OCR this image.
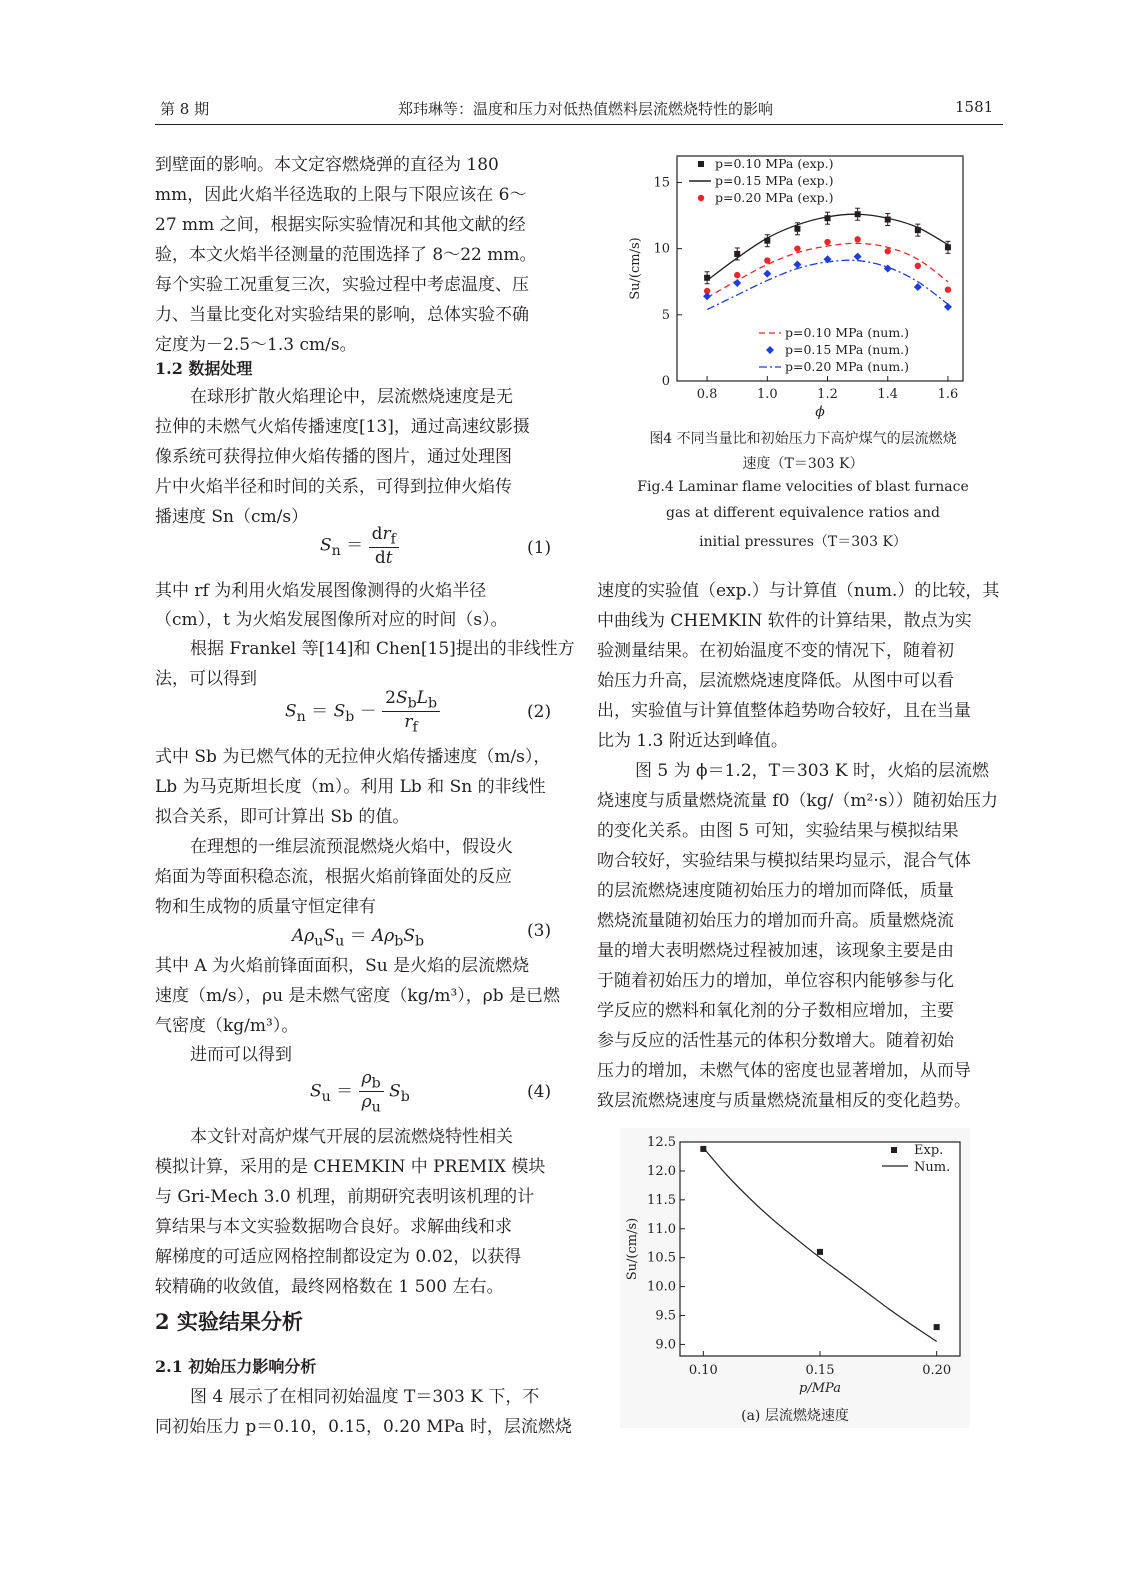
第 8 期	郑玮琳等：温度和压力对低热值燃料层流燃烧特性的影响	1581
到壁面的影响。本文定容燃烧弹的直径为 180
mm，因此火焰半径选取的上限与下限应该在 6～
27 mm 之间，根据实际实验情况和其他文献的经
验，本文火焰半径测量的范围选择了 8～22 mm。
每个实验工况重复三次，实验过程中考虑温度、压
力、当量比变化对实验结果的影响，总体实验不确
定度为－2.5～1.3 cm/s。
1.2 数据处理
在球形扩散火焰理论中，层流燃烧速度是无
拉伸的未燃气火焰传播速度[13]，通过高速纹影摄
像系统可获得拉伸火焰传播的图片，通过处理图
片中火焰半径和时间的关系，可得到拉伸火焰传
播速度 Sn（cm/s）
$S_n = \frac{dr_f}{dt}$	(1)
其中 rf 为利用火焰发展图像测得的火焰半径
（cm），t 为火焰发展图像所对应的时间（s）。
根据 Frankel 等[14]和 Chen[15]提出的非线性方
法，可以得到
$S_n = S_b - \frac{2S_bL_b}{r_f}$	(2)
式中 Sb 为已燃气体的无拉伸火焰传播速度（m/s），
Lb 为马克斯坦长度（m）。利用 Lb 和 Sn 的非线性
拟合关系，即可计算出 Sb 的值。
在理想的一维层流预混燃烧火焰中，假设火
焰面为等面积稳态流，根据火焰前锋面处的反应
物和生成物的质量守恒定律有
$A\rho_uS_u = A\rho_bS_b$
(3)
其中 A 为火焰前锋面面积，Su 是火焰的层流燃烧
速度（m/s），ρu 是未燃气密度（kg/m³），ρb 是已燃
气密度（kg/m³）。
进而可以得到
$S_u = \frac{\rho_b}{\rho_u} S_b$	(4)
本文针对高炉煤气开展的层流燃烧特性相关
模拟计算，采用的是 CHEMKIN 中 PREMIX 模块
与 Gri-Mech 3.0 机理，前期研究表明该机理的计
算结果与本文实验数据吻合良好。求解曲线和求
解梯度的可适应网格控制都设定为 0.02，以获得
较精确的收敛值，最终网格数在 1 500 左右。
2 实验结果分析
2.1 初始压力影响分析
图 4 展示了在相同初始温度 T＝303 K 下，不
同初始压力 p＝0.10，0.15，0.20 MPa 时，层流燃烧
0.8	1.0	1.2	1.4	1.6
0
5
10
15
ϕ
Su/(cm/s)
p=0.10 MPa (exp.)
p=0.15 MPa (exp.)
p=0.20 MPa (exp.)
p=0.10 MPa (num.)
p=0.15 MPa (num.)
p=0.20 MPa (num.)
图4 不同当量比和初始压力下高炉煤气的层流燃烧
速度（T＝303 K）
Fig.4 Laminar flame velocities of blast furnace
gas at different equivalence ratios and
initial pressures（T＝303 K）
速度的实验值（exp.）与计算值（num.）的比较，其
中曲线为 CHEMKIN 软件的计算结果，散点为实
验测量结果。在初始温度不变的情况下，随着初
始压力升高，层流燃烧速度降低。从图中可以看
出，实验值与计算值整体趋势吻合较好，且在当量
比为 1.3 附近达到峰值。
图 5 为 ϕ＝1.2，T＝303 K 时，火焰的层流燃
烧速度与质量燃烧流量 f0（kg/（m²·s））随初始压力
的变化关系。由图 5 可知，实验结果与模拟结果
吻合较好，实验结果与模拟结果均显示，混合气体
的层流燃烧速度随初始压力的增加而降低，质量
燃烧流量随初始压力的增加而升高。质量燃烧流
量的增大表明燃烧过程被加速，该现象主要是由
于随着初始压力的增加，单位容积内能够参与化
学反应的燃料和氧化剂的分子数相应增加，主要
参与反应的活性基元的体积分数增大。随着初始
压力的增加，未燃气体的密度也显著增加，从而导
致层流燃烧速度与质量燃烧流量相反的变化趋势。
0.10	0.15	0.20
9.0
9.5
10.0
10.5
11.0
11.5
12.0
12.5
p/MPa
Su/(cm/s)
Exp.
Num.
(a) 层流燃烧速度
